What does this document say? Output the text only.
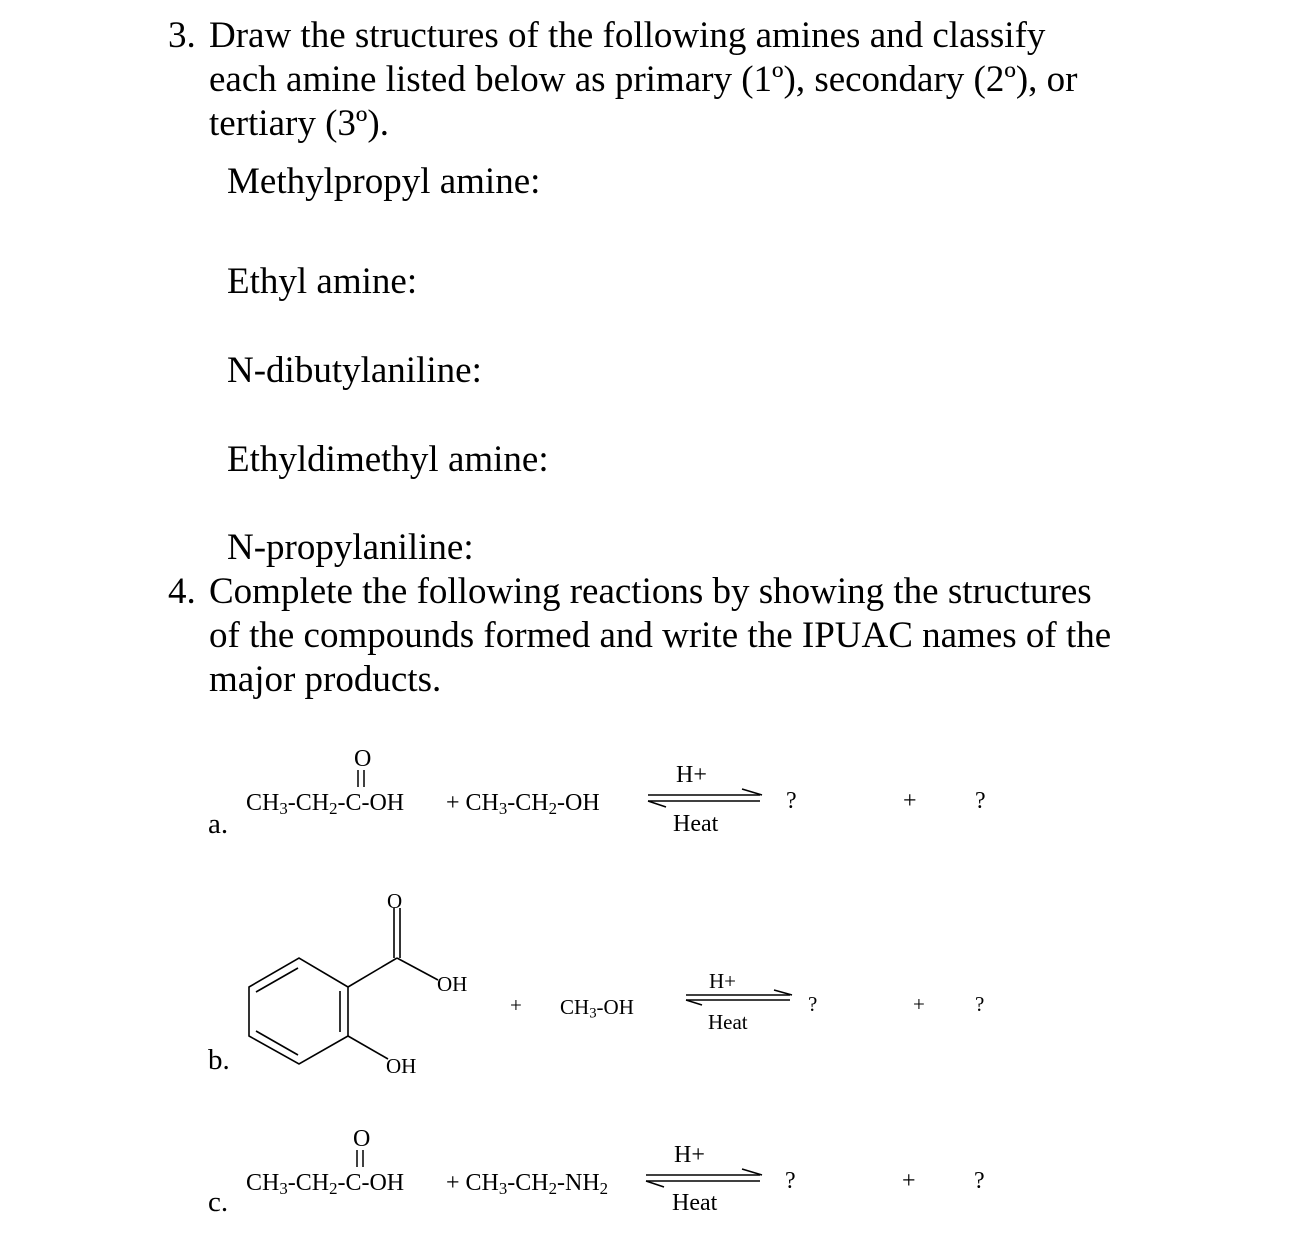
3. Draw the structures of the following amines and classify
each amine listed below as primary (1º), secondary (2º), or
tertiary (3º).
Methylpropyl amine:
Ethyl amine:
N-dibutylaniline:
Ethyldimethyl amine:
N-propylaniline:
4. Complete the following reactions by showing the structures
of the compounds formed and write the IPUAC names of the
major products.
a.
O
$CH_3-CH_2-C-OH + CH_3-CH_2-OH$
H+
Heat
?	+ ?
b.
O
OH
OH
+ $CH_3-OH$
H+
Heat
?	+ ?
c.
O
$CH_3-CH_2-C-OH + CH_3-CH_2-NH_2$
H+
Heat
?	+ ?
